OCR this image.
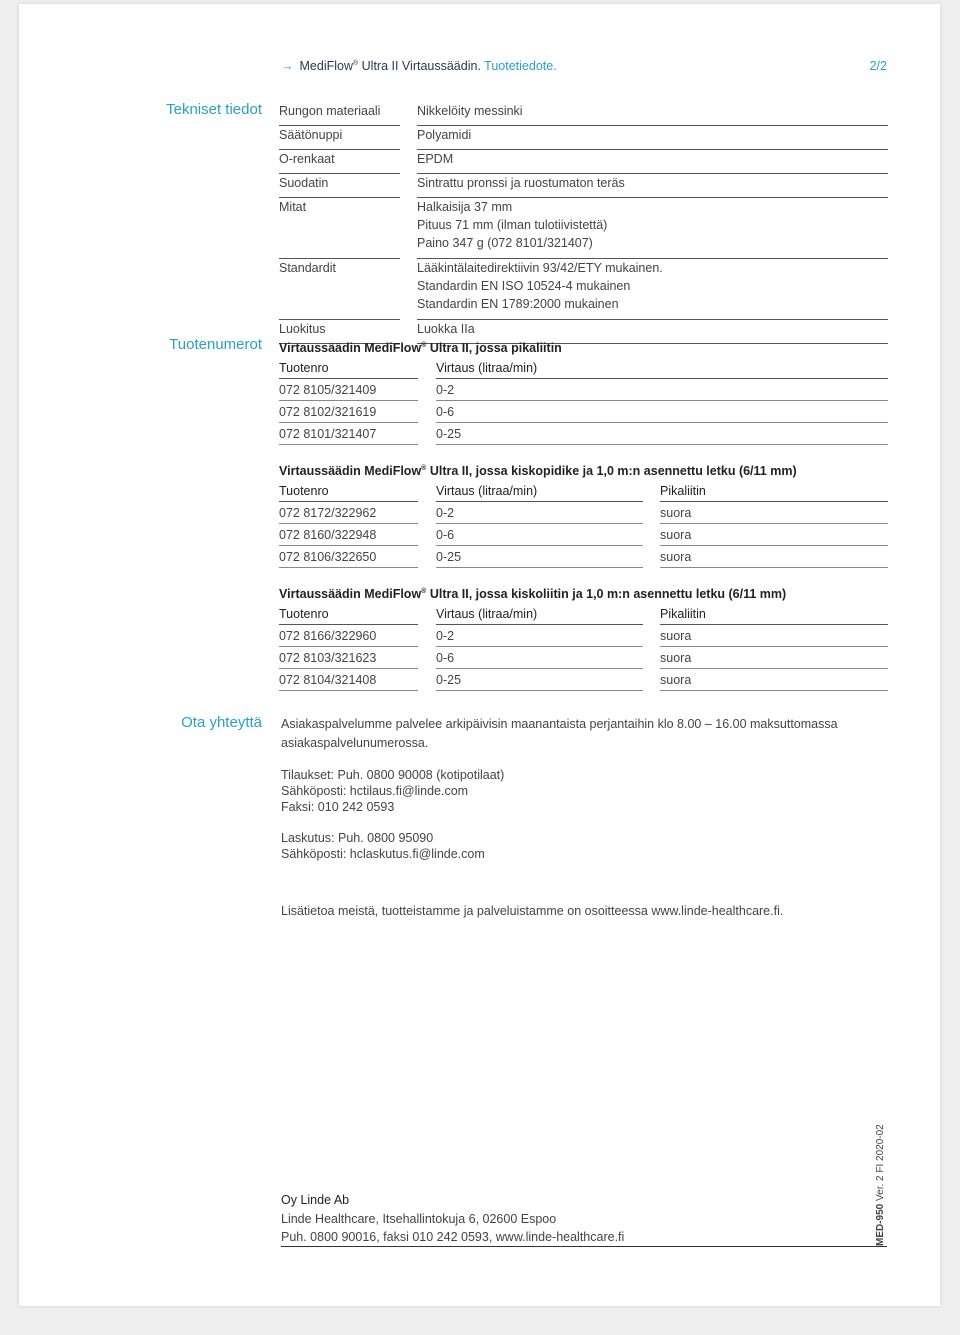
→ MediFlow® Ultra II Virtaussäädin. Tuotetiedote.	2/2
Tekniset tiedot Rungon materiaali	Nikkelöity messinki
Säätönuppi	Polyamidi
O-renkaat	EPDM
Suodatin	Sintrattu pronssi ja ruostumaton teräs
Mitat	Halkaisija 37 mm
Pituus 71 mm (ilman tulotiivistettä)
Paino 347 g (072 8101/321407)
Standardit	Lääkintälaitedirektiivin 93/42/ETY mukainen.
Standardin EN ISO 10524-4 mukainen
Standardin EN 1789:2000 mukainen
Luokitus	Luokka IIa
Tuotenumerot Virtaussäädin MediFlow® Ultra II, jossa pikaliitin
Tuotenro	Virtaus (litraa/min)
072 8105/321409	0-2
072 8102/321619	0-6
072 8101/321407	0-25
Virtaussäädin MediFlow® Ultra II, jossa kiskopidike ja 1,0 m:n asennettu letku (6/11 mm)
Tuotenro	Virtaus (litraa/min)	Pikaliitin
072 8172/322962	0-2	suora
072 8160/322948	0-6	suora
072 8106/322650	0-25	suora
Virtaussäädin MediFlow® Ultra II, jossa kiskoliitin ja 1,0 m:n asennettu letku (6/11 mm)
Tuotenro	Virtaus (litraa/min)	Pikaliitin
072 8166/322960	0-2	suora
072 8103/321623	0-6	suora
072 8104/321408	0-25	suora
Ota yhteyttä Asiakaspalvelumme palvelee arkipäivisin maanantaista perjantaihin klo 8.00 – 16.00 maksuttomassa
asiakaspalvelunumerossa.
Tilaukset: Puh. 0800 90008 (kotipotilaat)
Sähköposti: hctilaus.fi@linde.com
Faksi: 010 242 0593
Laskutus: Puh. 0800 95090
Sähköposti: hclaskutus.fi@linde.com
Lisätietoa meistä, tuotteistamme ja palveluistamme on osoitteessa www.linde-healthcare.fi.
Oy Linde Ab
Linde Healthcare, Itsehallintokuja 6, 02600 Espoo
Puh. 0800 90016, faksi 010 242 0593, www.linde-healthcare.fi	MED-950 Ver. 2 FI 2020-02
